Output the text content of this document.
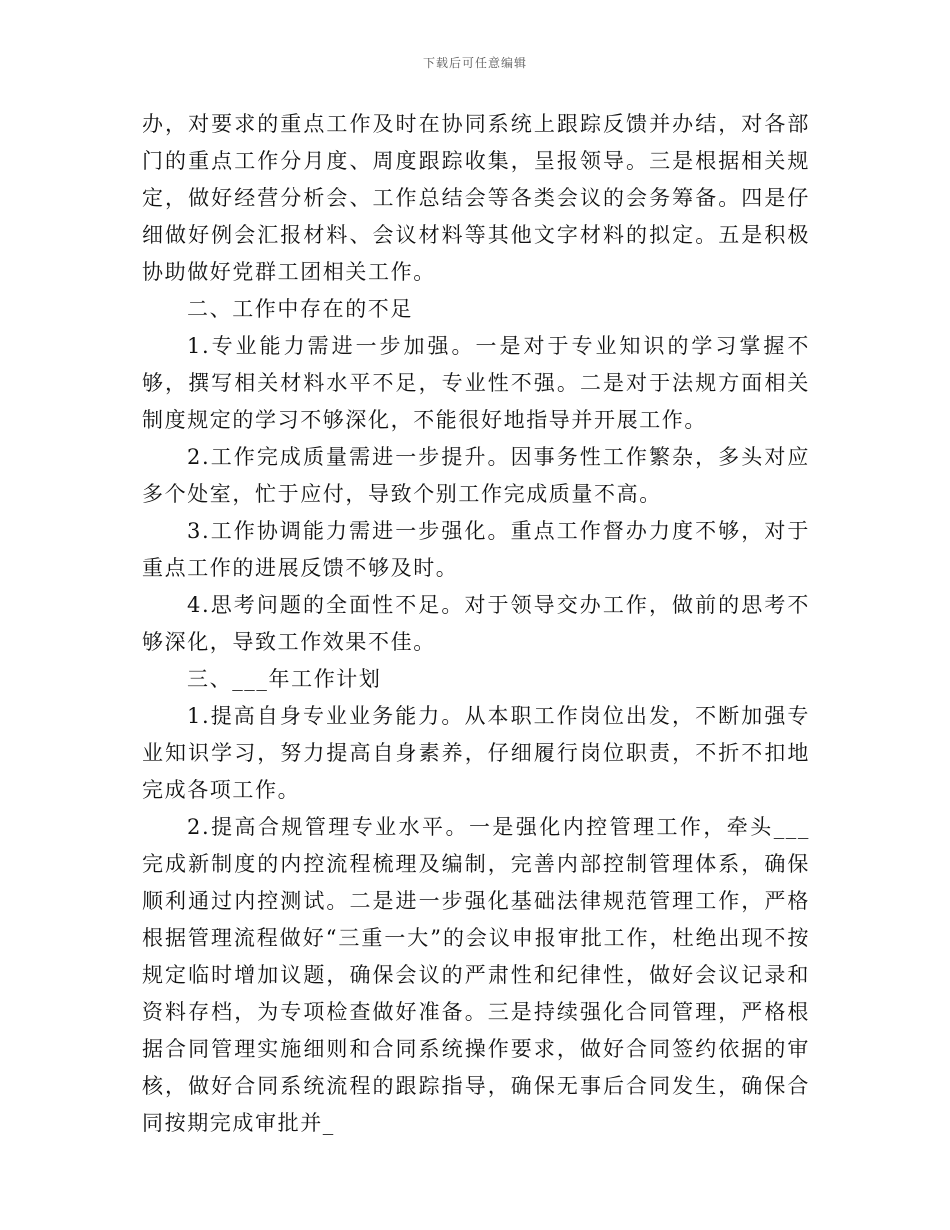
下载后可任意编辑

办，对要求的重点工作及时在协同系统上跟踪反馈并办结，对各部门的重点工作分月度、周度跟踪收集，呈报领导。三是根据相关规定，做好经营分析会、工作总结会等各类会议的会务筹备。四是仔细做好例会汇报材料、会议材料等其他文字材料的拟定。五是积极协助做好党群工团相关工作。

二、工作中存在的不足

1.专业能力需进一步加强。一是对于专业知识的学习掌握不够，撰写相关材料水平不足，专业性不强。二是对于法规方面相关制度规定的学习不够深化，不能很好地指导并开展工作。

2.工作完成质量需进一步提升。因事务性工作繁杂，多头对应多个处室，忙于应付，导致个别工作完成质量不高。

3.工作协调能力需进一步强化。重点工作督办力度不够，对于重点工作的进展反馈不够及时。

4.思考问题的全面性不足。对于领导交办工作，做前的思考不够深化，导致工作效果不佳。

三、___年工作计划

1.提高自身专业业务能力。从本职工作岗位出发，不断加强专业知识学习，努力提高自身素养，仔细履行岗位职责，不折不扣地完成各项工作。

2.提高合规管理专业水平。一是强化内控管理工作，牵头___完成新制度的内控流程梳理及编制，完善内部控制管理体系，确保顺利通过内控测试。二是进一步强化基础法律规范管理工作，严格根据管理流程做好“三重一大”的会议申报审批工作，杜绝出现不按规定临时增加议题，确保会议的严肃性和纪律性，做好会议记录和资料存档，为专项检查做好准备。三是持续强化合同管理，严格根据合同管理实施细则和合同系统操作要求，做好合同签约依据的审核，做好合同系统流程的跟踪指导，确保无事后合同发生，确保合同按期完成审批并_
